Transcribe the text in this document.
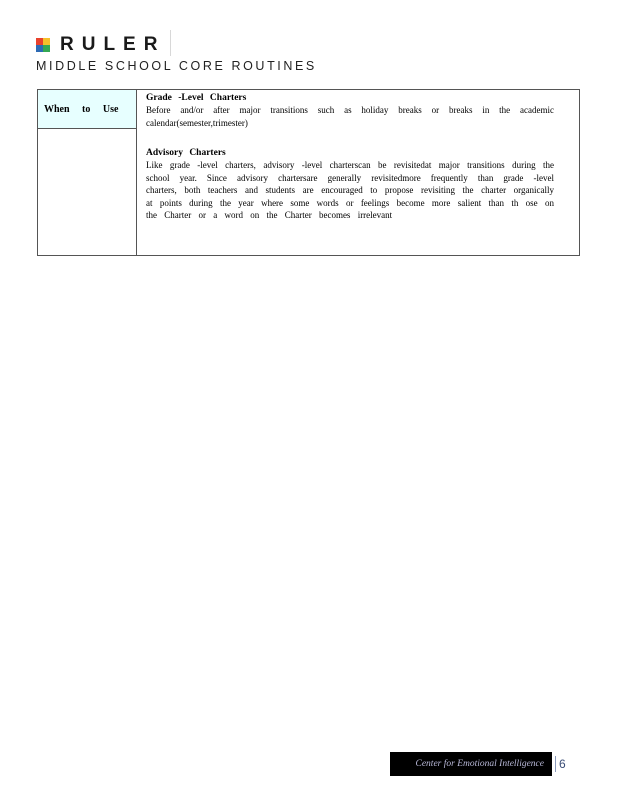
RULER
MIDDLE SCHOOL CORE ROUTINES
When to Use
Grade -Level Charters
Before and/or after major transitions such as holiday breaks or breaks in the academic calendar(semester,trimester)
Advisory Charters
Like grade -level charters, advisory -level charterscan be revisitedat major transitions during the school year. Since advisory chartersare generally revisitedmore frequently than grade -level charters, both teachers and students are encouraged to propose revisiting the charter organically at points during the year where some words or feelings become more salient than th ose on the Charter or a word on the Charter becomes irrelevant
Center for Emotional Intelligence 6
